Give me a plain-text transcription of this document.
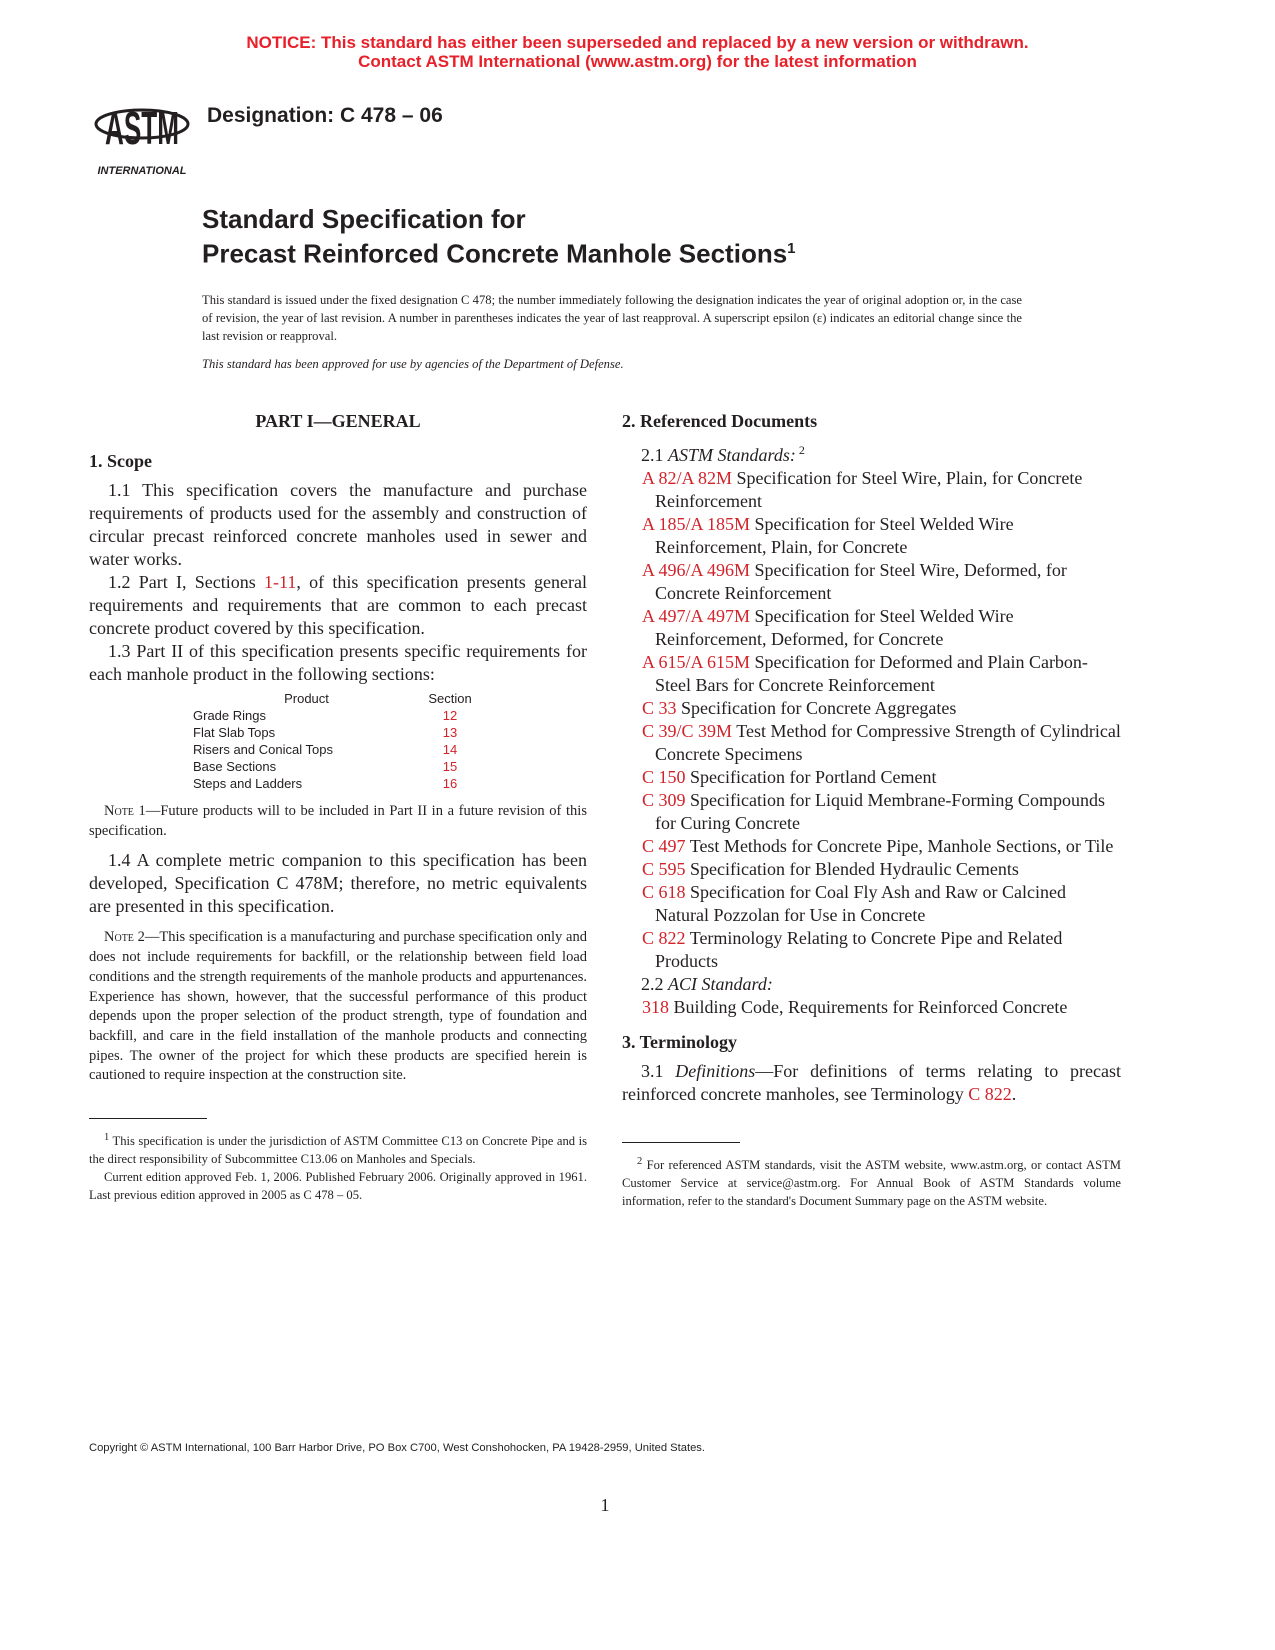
NOTICE: This standard has either been superseded and replaced by a new version or withdrawn.
Contact ASTM International (www.astm.org) for the latest information
ASTM
INTERNATIONAL
Designation: C 478 – 06
Standard Specification for
Precast Reinforced Concrete Manhole Sections$^1$
This standard is issued under the fixed designation C 478; the number immediately following the designation indicates the year of original adoption or, in the case of revision, the year of last revision. A number in parentheses indicates the year of last reapproval. A superscript epsilon (ε) indicates an editorial change since the last revision or reapproval.
This standard has been approved for use by agencies of the Department of Defense.

PART I—GENERAL

1. Scope

1.1 This specification covers the manufacture and purchase requirements of products used for the assembly and construction of circular precast reinforced concrete manholes used in sewer and water works.

1.2 Part I, Sections 1-11, of this specification presents general requirements and requirements that are common to each precast concrete product covered by this specification.

1.3 Part II of this specification presents specific requirements for each manhole product in the following sections:

Product	Section
Grade Rings	12
Flat Slab Tops	13
Risers and Conical Tops	14
Base Sections	15
Steps and Ladders	16

Note 1—Future products will to be included in Part II in a future revision of this specification.

1.4 A complete metric companion to this specification has been developed, Specification C 478M; therefore, no metric equivalents are presented in this specification.

Note 2—This specification is a manufacturing and purchase specification only and does not include requirements for backfill, or the relationship between field load conditions and the strength requirements of the manhole products and appurtenances. Experience has shown, however, that the successful performance of this product depends upon the proper selection of the product strength, type of foundation and backfill, and care in the field installation of the manhole products and connecting pipes. The owner of the project for which these products are specified herein is cautioned to require inspection at the construction site.

$^1$ This specification is under the jurisdiction of ASTM Committee C13 on Concrete Pipe and is the direct responsibility of Subcommittee C13.06 on Manholes and Specials.

Current edition approved Feb. 1, 2006. Published February 2006. Originally approved in 1961. Last previous edition approved in 2005 as C 478 – 05.

2. Referenced Documents

2.1 ASTM Standards: $^2$

A 82/A 82M Specification for Steel Wire, Plain, for Concrete Reinforcement

A 185/A 185M Specification for Steel Welded Wire Reinforcement, Plain, for Concrete

A 496/A 496M Specification for Steel Wire, Deformed, for Concrete Reinforcement

A 497/A 497M Specification for Steel Welded Wire Reinforcement, Deformed, for Concrete

A 615/A 615M Specification for Deformed and Plain Carbon-Steel Bars for Concrete Reinforcement

C 33 Specification for Concrete Aggregates

C 39/C 39M Test Method for Compressive Strength of Cylindrical Concrete Specimens

C 150 Specification for Portland Cement

C 309 Specification for Liquid Membrane-Forming Compounds for Curing Concrete

C 497 Test Methods for Concrete Pipe, Manhole Sections, or Tile

C 595 Specification for Blended Hydraulic Cements

C 618 Specification for Coal Fly Ash and Raw or Calcined Natural Pozzolan for Use in Concrete

C 822 Terminology Relating to Concrete Pipe and Related Products

2.2 ACI Standard:

318 Building Code, Requirements for Reinforced Concrete

3. Terminology

3.1 Definitions—For definitions of terms relating to precast reinforced concrete manholes, see Terminology C 822.

$^2$ For referenced ASTM standards, visit the ASTM website, www.astm.org, or contact ASTM Customer Service at service@astm.org. For Annual Book of ASTM Standards volume information, refer to the standard's Document Summary page on the ASTM website.

Copyright © ASTM International, 100 Barr Harbor Drive, PO Box C700, West Conshohocken, PA 19428-2959, United States.
1
